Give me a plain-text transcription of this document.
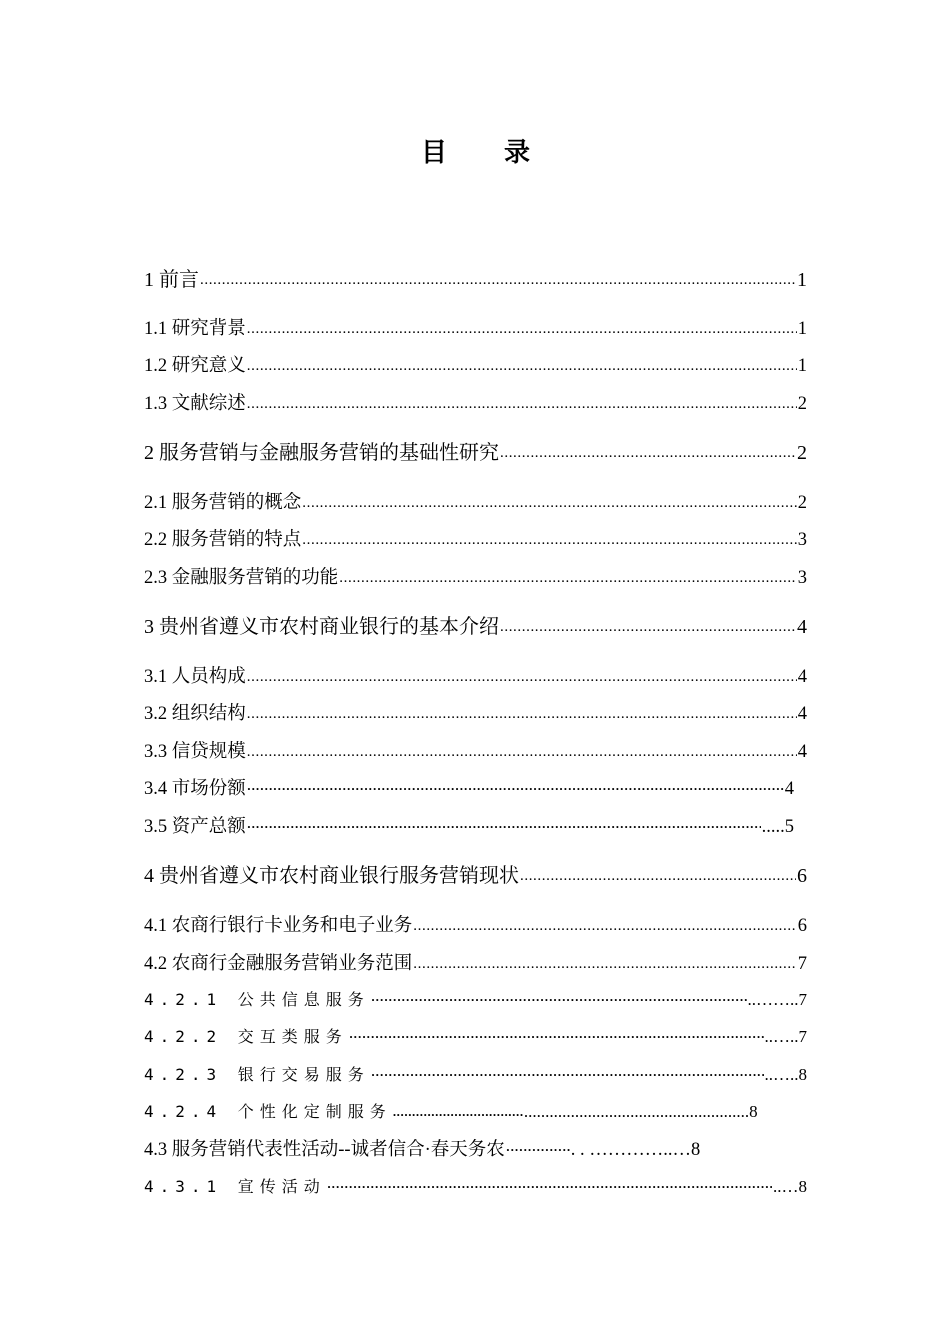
目 录
1 前言 .....	1
1.1 研究背景 .....	1
1.2 研究意义 .....	1
1.3 文献综述 .....	2
2 服务营销与金融服务营销的基础性研究 .....	2
2.1 服务营销的概念 .....	2
2.2 服务营销的特点 .....	3
2.3 金融服务营销的功能 .....	3
3 贵州省遵义市农村商业银行的基本介绍 .....	4
3.1 人员构成 .....	4
3.2 组织结构 .....	4
3.3 信贷规模 .....	4
3.4 市场份额 ·····	4
3.5 资产总额 ·····	.....5
4 贵州省遵义市农村商业银行服务营销现状 .....	6
4.1 农商行银行卡业务和电子业务 .....	6
4.2 农商行金融服务营销业务范围 .....	7
4.2.1 公共信息服务 ·····	..……..7
4.2.2 交互类服务 ·····	..…..7
4.2.3 银行交易服务 ·····	..…..8
4.2.4 个性化定制服务 .....	.....................................................8
4.3 服务营销代表性活动--诚者信合·春天务农 ·····	. . …………..…8
4.3.1 宣传活动 ·····	..…8
